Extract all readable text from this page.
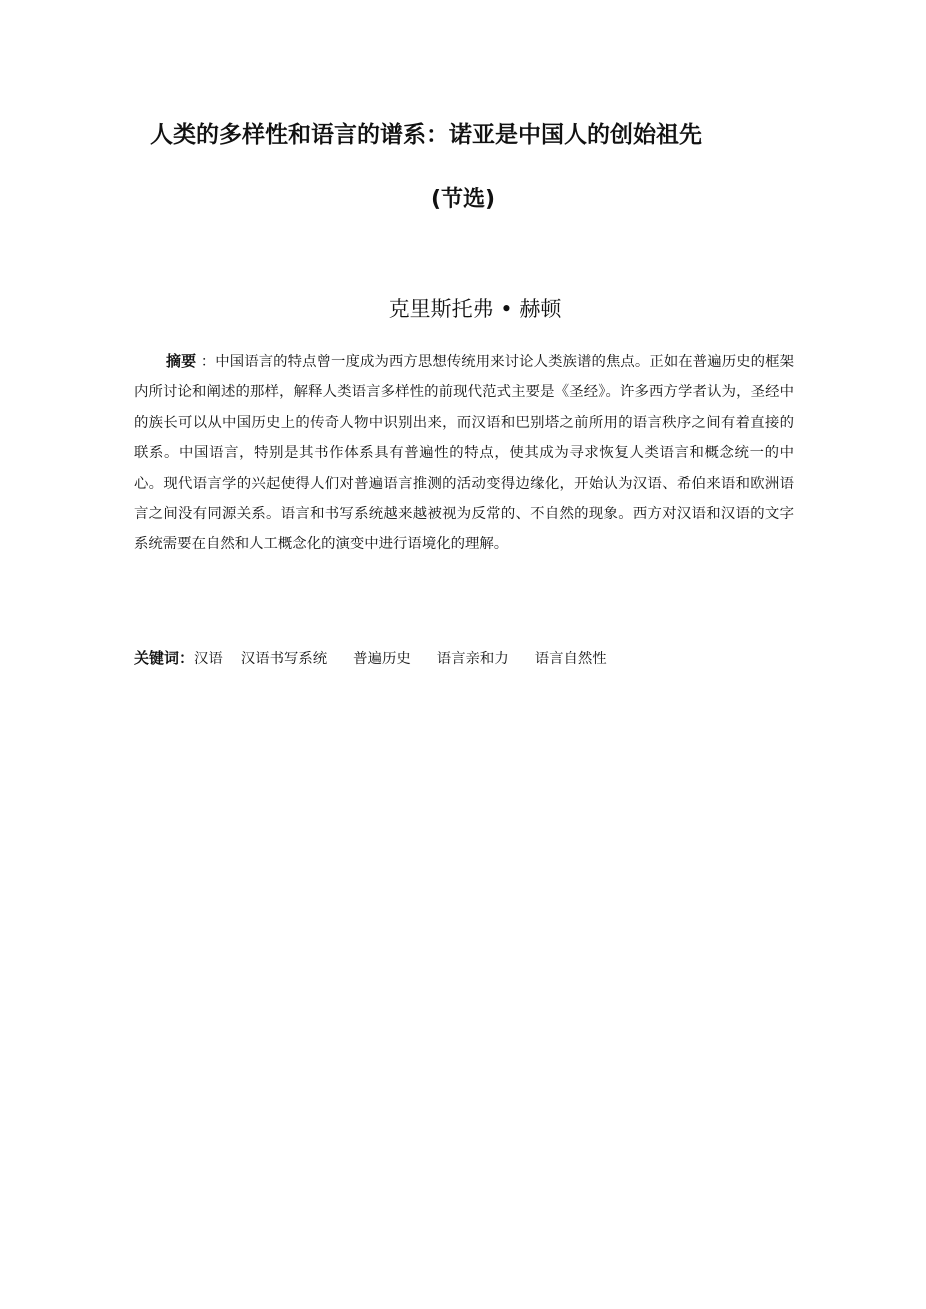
人类的多样性和语言的谱系：诺亚是中国人的创始祖先
(节选)
克里斯托弗 • 赫顿
摘要 ：中国语言的特点曾一度成为西方思想传统用来讨论人类族谱的焦点。正如在普遍历史的框架内所讨论和阐述的那样，解释人类语言多样性的前现代范式主要是《圣经》。许多西方学者认为，圣经中的族长可以从中国历史上的传奇人物中识别出来，而汉语和巴别塔之前所用的语言秩序之间有着直接的联系。中国语言，特别是其书作体系具有普遍性的特点，使其成为寻求恢复人类语言和概念统一的中心。现代语言学的兴起使得人们对普遍语言推测的活动变得边缘化，开始认为汉语、希伯来语和欧洲语言之间没有同源关系。语言和书写系统越来越被视为反常的、不自然的现象。西方对汉语和汉语的文字系统需要在自然和人工概念化的演变中进行语境化的理解。
关键词：汉语 汉语书写系统 普遍历史 语言亲和力 语言自然性
